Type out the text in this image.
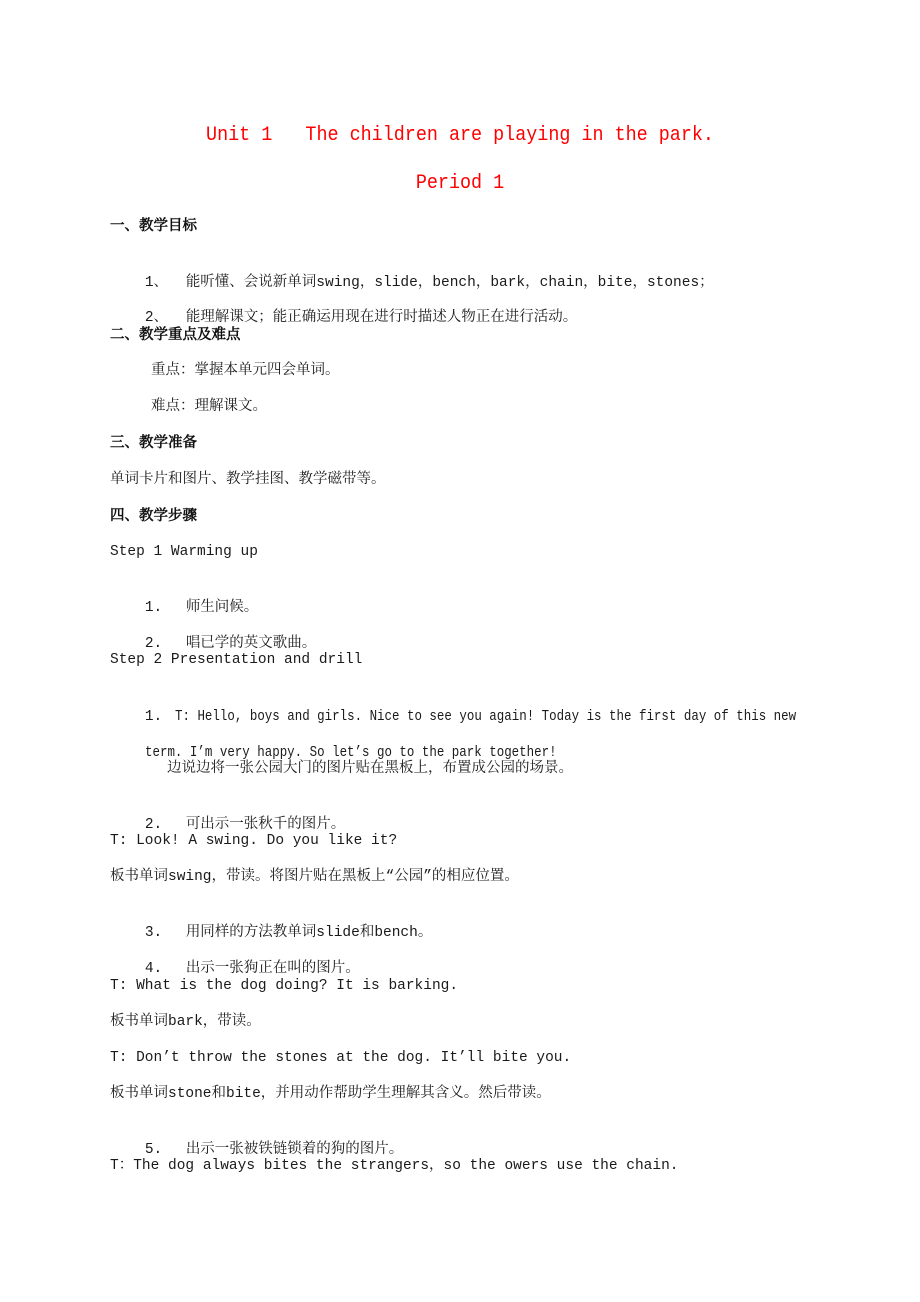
Unit 1   The children are playing in the park.
Period 1
一、教学目标

1、 能听懂、会说新单词swing，slide，bench，bark，chain，bite，stones；

2、 能理解课文；能正确运用现在进行时描述人物正在进行活动。

二、教学重点及难点
重点：掌握本单元四会单词。
难点：理解课文。
三、教学准备
单词卡片和图片、教学挂图、教学磁带等。
四、教学步骤
Step 1 Warming up

1. 师生问候。

2. 唱已学的英文歌曲。

Step 2 Presentation and drill

1. T: Hello, boys and girls. Nice to see you again! Today is the first day of this new

term. I’m very happy. So let’s go to the park together!

边说边将一张公园大门的图片贴在黑板上，布置成公园的场景。

2. 可出示一张秋千的图片。

T: Look! A swing. Do you like it?
板书单词swing，带读。将图片贴在黑板上“公园”的相应位置。

3. 用同样的方法教单词slide和bench。

4. 出示一张狗正在叫的图片。

T: What is the dog doing? It is barking.
板书单词bark，带读。
T: Don’t throw the stones at the dog. It’ll bite you.
板书单词stone和bite，并用动作帮助学生理解其含义。然后带读。

5. 出示一张被铁链锁着的狗的图片。

T：The dog always bites the strangers，so the owers use the chain.
